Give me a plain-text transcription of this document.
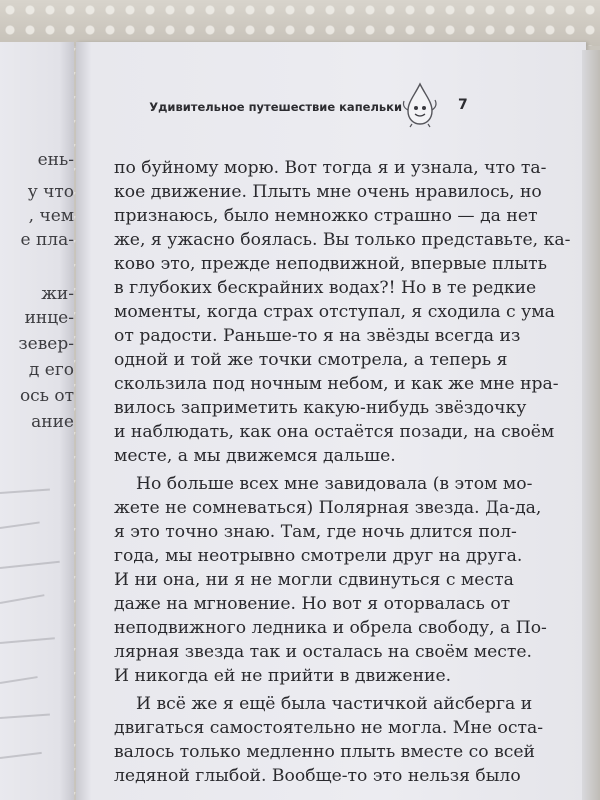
ень-
у что
, чем
е пла-
жи-
инце-
зевер-
д его
ось от
ание
Удивительное путешествие капельки	7
по буйному морю. Вот тогда я и узнала, что та-
кое движение. Плыть мне очень нравилось, но
признаюсь, было немножко страшно — да нет
же, я ужасно боялась. Вы только представьте, ка-
ково это, прежде неподвижной, впервые плыть
в глубоких бескрайних водах?! Но в те редкие
моменты, когда страх отступал, я сходила с ума
от радости. Раньше-то я на звёзды всегда из
одной и той же точки смотрела, а теперь я
скользила под ночным небом, и как же мне нра-
вилось заприметить какую-нибудь звёздочку
и наблюдать, как она остаётся позади, на своём
месте, а мы движемся дальше.
Но больше всех мне завидовала (в этом мо-
жете не сомневаться) Полярная звезда. Да-да,
я это точно знаю. Там, где ночь длится пол-
года, мы неотрывно смотрели друг на друга.
И ни она, ни я не могли сдвинуться с места
даже на мгновение. Но вот я оторвалась от
неподвижного ледника и обрела свободу, а По-
лярная звезда так и осталась на своём месте.
И никогда ей не прийти в движение.
И всё же я ещё была частичкой айсберга и
двигаться самостоятельно не могла. Мне оста-
валось только медленно плыть вместе со всей
ледяной глыбой. Вообще-то это нельзя было
